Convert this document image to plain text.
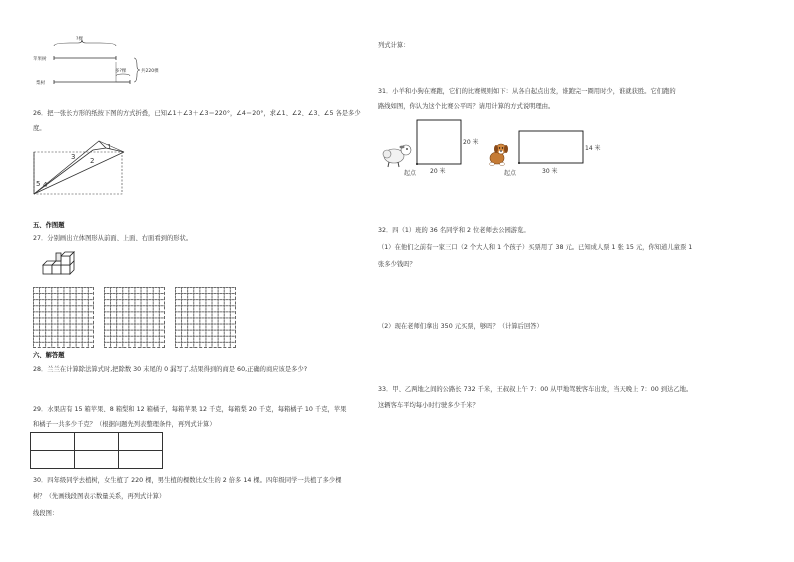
?棵
苹果树
梨树
多?棵	共220棵
26．把一张长方形的纸按下图的方式折叠，已知∠1＋∠3＋∠3＝220°，∠4＝20°，求∠1、∠2、∠3、∠5 各是多少
度。
1
2
3
4
5
五、作图题
27．分别画出立体图形从前面、上面、右面看到的形状。
六、解答题
28．兰兰在计算除法算式时,把除数 30 末尾的 0 漏写了,结果得到的商是 60,正确的商应该是多少?
29．水果店有 15 箱苹果、8 箱梨和 12 箱橘子，每箱苹果 12 千克，每箱梨 20 千克，每箱橘子 10 千克，苹果
和橘子一共多少千克？（根据问题先列表整理条件，再列式计算）

30．四年级同学去植树，女生植了 220 棵，男生植的棵数比女生的 2 倍多 14 棵。四年级同学一共植了多少棵
树？（先画线段图表示数量关系，再列式计算）
线段图：
列式计算：
31．小羊和小狗在赛跑，它们的比赛规则如下：从各自起点出发，谁跑完一圈用时少，谁就获胜。它们跑的
路线如图，你认为这个比赛公平吗？请用计算的方式说明理由。
20 米
20 米
起点
14 米
30 米
起点
32．四（1）班的 36 名同学和 2 位老师去公园游览。
（1）在他们之前有一家三口（2 个大人和 1 个孩子）买票用了 38 元。已知成人票 1 张 15 元，你知道儿童票 1
张多少钱吗？
（2）现在老师们拿出 350 元买票，够吗？（计算后回答）
33．甲、乙两地之间的公路长 732 千米，王叔叔上午 7：00 从甲地驾驶客车出发，当天晚上 7：00 到达乙地。
这辆客车平均每小时行驶多少千米？
